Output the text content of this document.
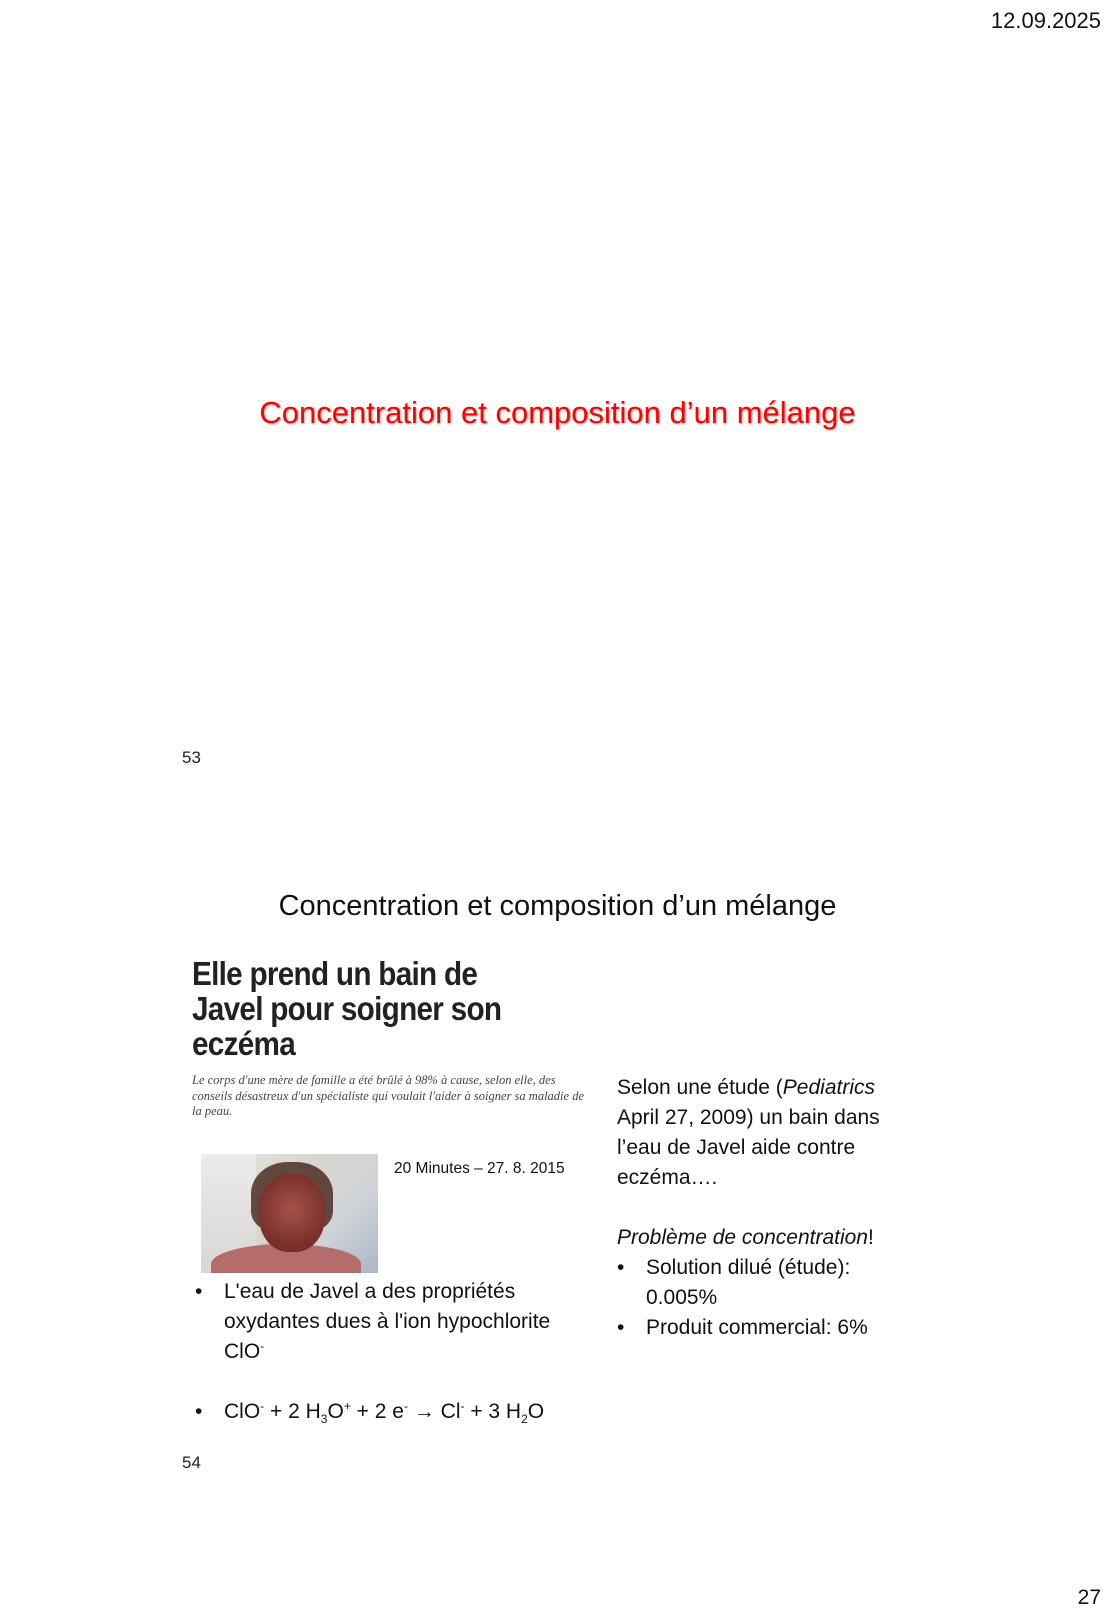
12.09.2025
Concentration et composition d’un mélange
53
Concentration et composition d’un mélange
Elle prend un bain de Javel pour soigner son eczéma
Le corps d'une mère de famille a été brûlé à 98% à cause, selon elle, des conseils désastreux d'un spécialiste qui voulait l'aider à soigner sa maladie de la peau.
20 Minutes – 27. 8. 2015
• L'eau de Javel a des propriétés oxydantes dues à l'ion hypochlorite ClO-
• ClO- + 2 $H_3O^+ + 2$ e- → Cl- + 3 $H_2O$

Selon une étude (Pediatrics April 27, 2009) un bain dans l’eau de Javel aide contre eczéma….

Problème de concentration!

• Solution dilué (étude): 0.005%
• Produit commercial: 6%
54
27
